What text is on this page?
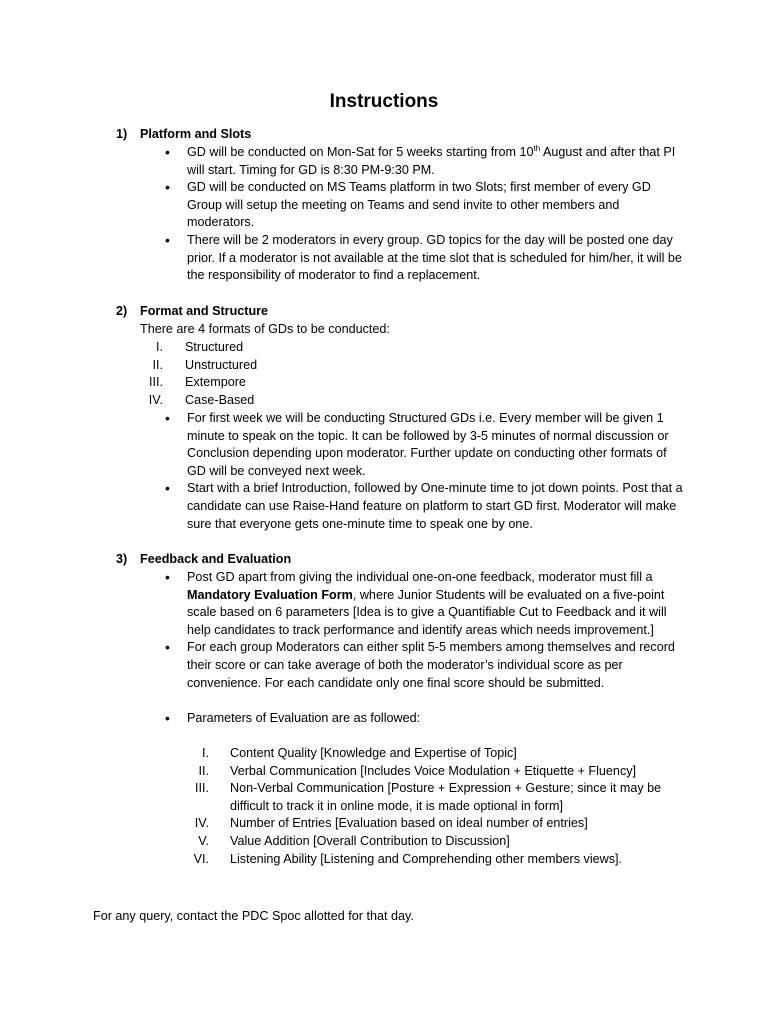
Instructions
1)	Platform and Slots
• GD will be conducted on Mon-Sat for 5 weeks starting from 10th August and after that PI will start. Timing for GD is 8:30 PM-9:30 PM.
• GD will be conducted on MS Teams platform in two Slots; first member of every GD Group will setup the meeting on Teams and send invite to other members and moderators.
• There will be 2 moderators in every group. GD topics for the day will be posted one day prior. If a moderator is not available at the time slot that is scheduled for him/her, it will be the responsibility of moderator to find a replacement.
2)	Format and Structure
There are 4 formats of GDs to be conducted:
I. Structured
II. Unstructured
III. Extempore
IV. Case-Based
• For first week we will be conducting Structured GDs i.e. Every member will be given 1 minute to speak on the topic. It can be followed by 3-5 minutes of normal discussion or Conclusion depending upon moderator. Further update on conducting other formats of GD will be conveyed next week.
• Start with a brief Introduction, followed by One-minute time to jot down points. Post that a candidate can use Raise-Hand feature on platform to start GD first. Moderator will make sure that everyone gets one-minute time to speak one by one.
3)	Feedback and Evaluation
• Post GD apart from giving the individual one-on-one feedback, moderator must fill a Mandatory Evaluation Form, where Junior Students will be evaluated on a five-point scale based on 6 parameters [Idea is to give a Quantifiable Cut to Feedback and it will help candidates to track performance and identify areas which needs improvement.]
• For each group Moderators can either split 5-5 members among themselves and record their score or can take average of both the moderator’s individual score as per convenience. For each candidate only one final score should be submitted.
• Parameters of Evaluation are as followed:
I. Content Quality [Knowledge and Expertise of Topic]
II. Verbal Communication [Includes Voice Modulation + Etiquette + Fluency]
III. Non-Verbal Communication [Posture + Expression + Gesture; since it may be difficult to track it in online mode, it is made optional in form]
IV. Number of Entries [Evaluation based on ideal number of entries]
V. Value Addition [Overall Contribution to Discussion]
VI. Listening Ability [Listening and Comprehending other members views].
For any query, contact the PDC Spoc allotted for that day.
